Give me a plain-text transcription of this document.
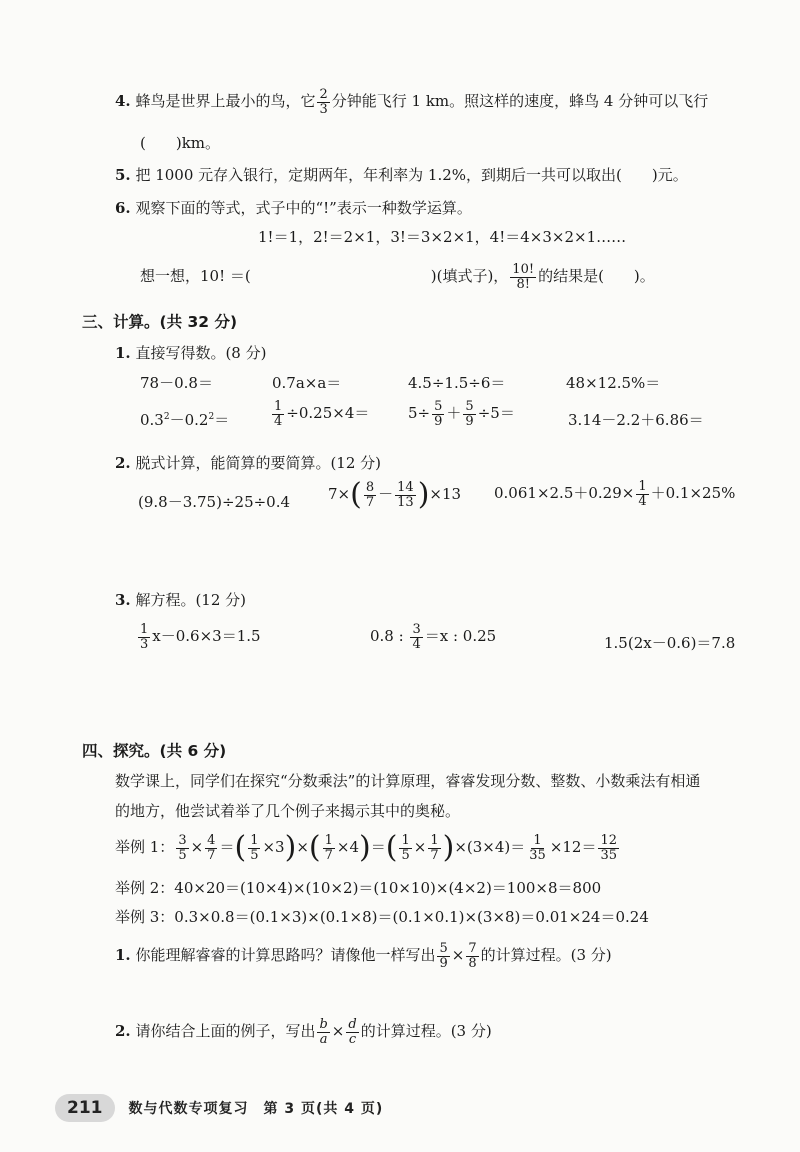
4. 蜂鸟是世界上最小的鸟，它 $\frac{2}{3}$ 分钟能飞行 1 km。照这样的速度，蜂鸟 4 分钟可以飞行
(　　)km。
5. 把 1000 元存入银行，定期两年，年利率为 1.2%，到期后一共可以取出(　　)元。
6. 观察下面的等式，式子中的“!”表示一种数学运算。
1!＝1，2!＝2×1，3!＝3×2×1，4!＝4×3×2×1……
想一想，10! ＝(　　　　　　　　　　　　)(填式子)， $\frac{10!}{8!}$ 的结果是(　　)。
三、计算。(共 32 分)
1. 直接写得数。(8 分)
78－0.8＝	0.7a×a＝	4.5÷1.5÷6＝	48×12.5%＝
$0.3^2-0.2^2=$	$\frac{1}{4} \div 0.25\times 4=$	$5\div \frac{5}{9} + \frac{5}{9} \div 5=$	3.14－2.2＋6.86＝
2. 脱式计算，能简算的要简算。(12 分)
(9.8－3.75)÷25÷0.4	$7\times( \frac{8}{7} - \frac{14}{13} )\times 13$ $0.061\times 2.5+0.29\times \frac{1}{4} +0.1\times 25\%$
3. 解方程。(12 分)
$\frac{1}{3} x-0.6\times 3=1.5$	0.8 : $\frac{3}{4} =x$ : 0.25	1.5(2x－0.6)＝7.8
四、探究。(共 6 分)
数学课上，同学们在探究“分数乘法”的计算原理，睿睿发现分数、整数、小数乘法有相通
的地方，他尝试着举了几个例子来揭示其中的奥秘。
举例 1： $\frac{3}{5} \times \frac{4}{7}$ ＝( $\frac{1}{5} \times 3)\times( \frac{1}{7} \times 4)=( \frac{1}{5} \times \frac{1}{7} )\times(3\times 4)= \frac{1}{35} \times 12= \frac{12}{35}$
举例 2：40×20＝(10×4)×(10×2)＝(10×10)×(4×2)＝100×8＝800
举例 3：0.3×0.8＝(0.1×3)×(0.1×8)＝(0.1×0.1)×(3×8)＝0.01×24＝0.24
1. 你能理解睿睿的计算思路吗？请像他一样写出 $\frac{5}{9} \times \frac{7}{8}$ 的计算过程。(3 分)
2. 请你结合上面的例子，写出 $\frac{b}{a} \times \frac{d}{c}$ 的计算过程。(3 分)
211	数与代数专项复习　第 3 页(共 4 页)
